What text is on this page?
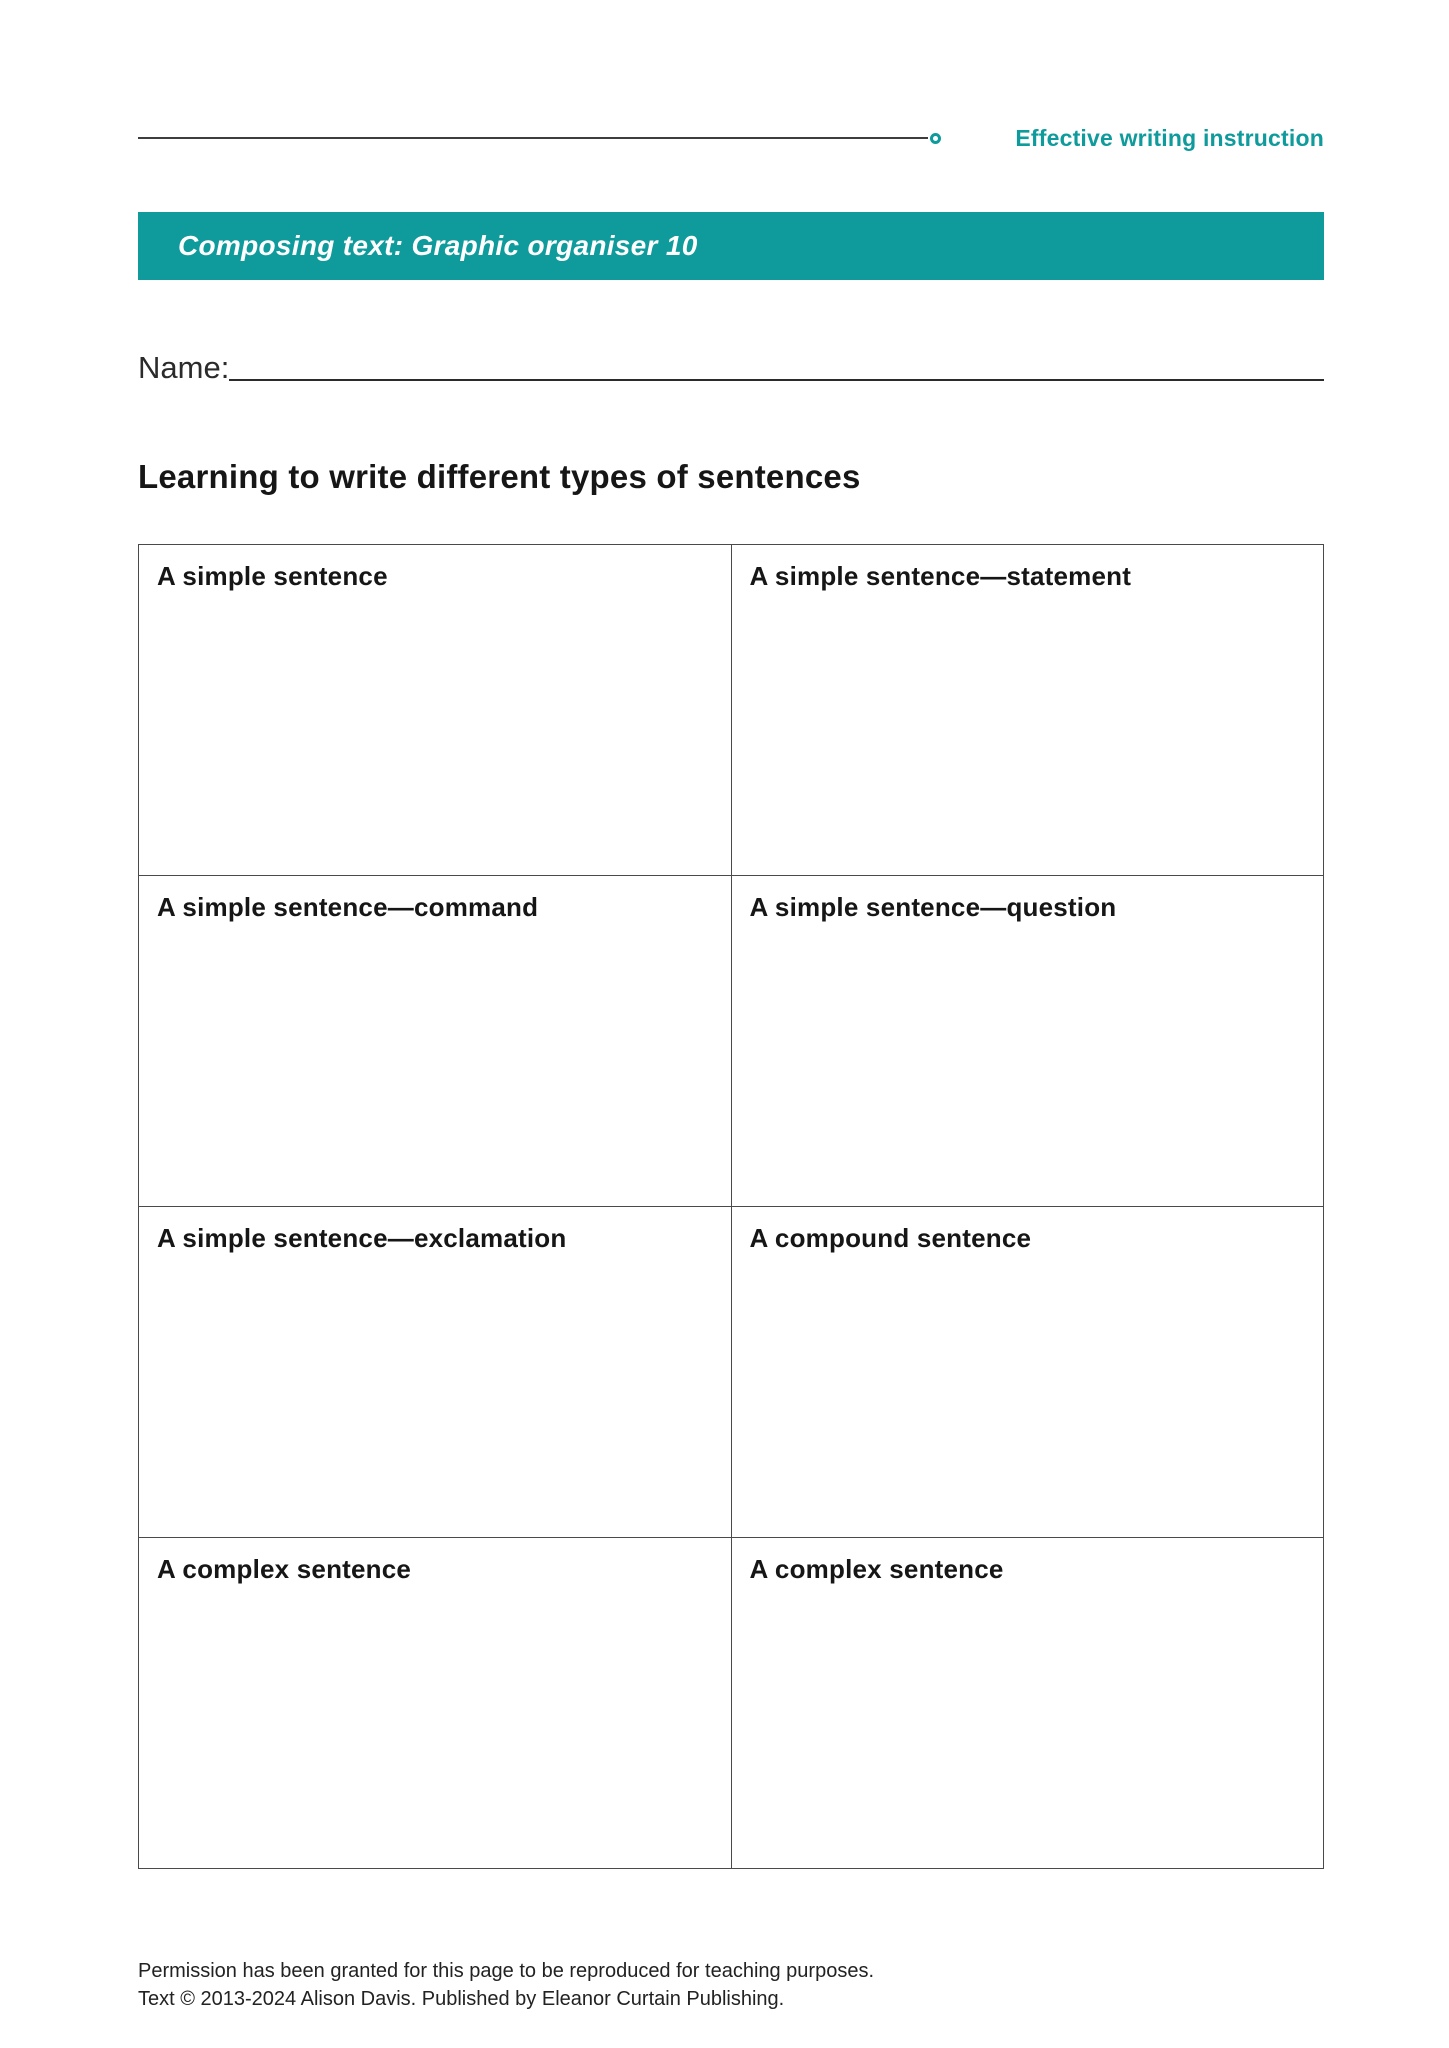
Effective writing instruction
Composing text: Graphic organiser 10
Name:
Learning to write different types of sentences
A simple sentence	A simple sentence—statement
A simple sentence—command	A simple sentence—question
A simple sentence—exclamation	A compound sentence
A complex sentence	A complex sentence
Permission has been granted for this page to be reproduced for teaching purposes.
Text © 2013-2024 Alison Davis. Published by Eleanor Curtain Publishing.
